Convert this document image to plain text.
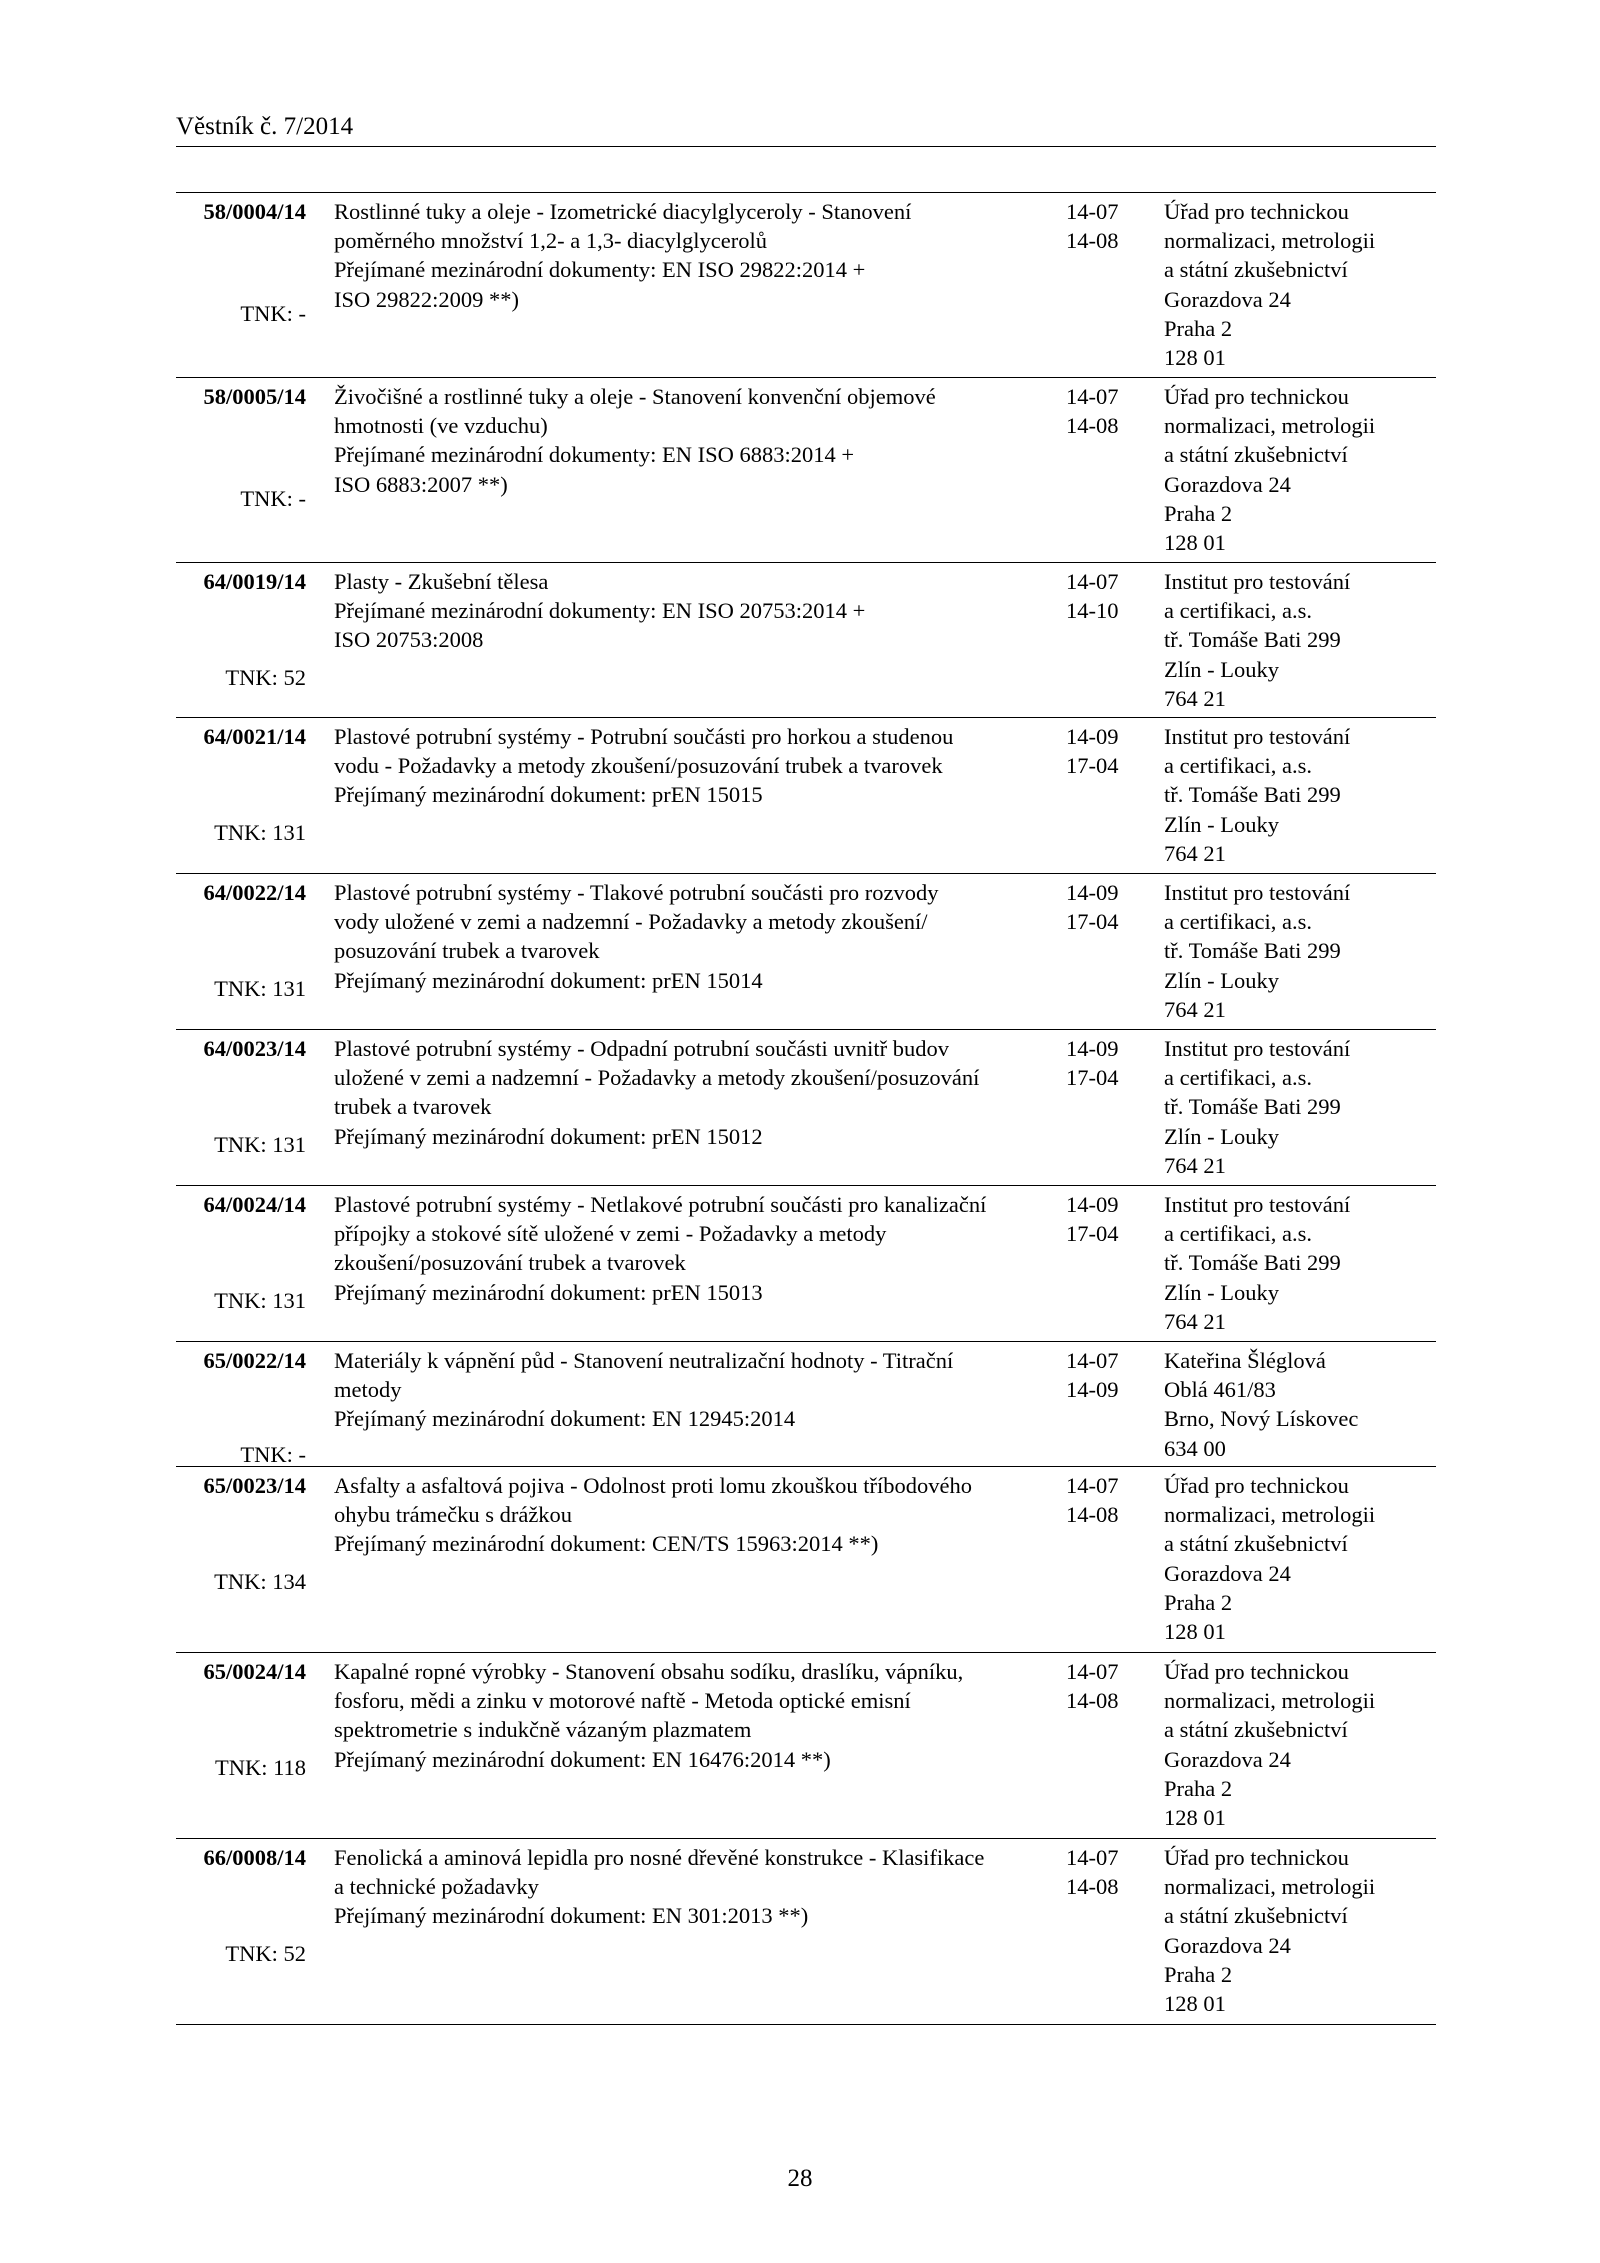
Věstník č. 7/2014
58/0004/14
TNK: -
Rostlinné tuky a oleje - Izometrické diacylglyceroly - Stanovení
poměrného množství 1,2- a 1,3- diacylglycerolů
Přejímané mezinárodní dokumenty: EN ISO 29822:2014 +
ISO 29822:2009 **)
14-07
14-08
Úřad pro technickou
normalizaci, metrologii
a státní zkušebnictví
Gorazdova 24
Praha 2
128 01
58/0005/14
TNK: -
Živočišné a rostlinné tuky a oleje - Stanovení konvenční objemové
hmotnosti (ve vzduchu)
Přejímané mezinárodní dokumenty: EN ISO 6883:2014 +
ISO 6883:2007 **)
14-07
14-08
Úřad pro technickou
normalizaci, metrologii
a státní zkušebnictví
Gorazdova 24
Praha 2
128 01
64/0019/14
TNK: 52
Plasty - Zkušební tělesa
Přejímané mezinárodní dokumenty: EN ISO 20753:2014 +
ISO 20753:2008
14-07
14-10
Institut pro testování
a certifikaci, a.s.
tř. Tomáše Bati 299
Zlín - Louky
764 21
64/0021/14
TNK: 131
Plastové potrubní systémy - Potrubní součásti pro horkou a studenou
vodu - Požadavky a metody zkoušení/posuzování trubek a tvarovek
Přejímaný mezinárodní dokument: prEN 15015
14-09
17-04
Institut pro testování
a certifikaci, a.s.
tř. Tomáše Bati 299
Zlín - Louky
764 21
64/0022/14
TNK: 131
Plastové potrubní systémy - Tlakové potrubní součásti pro rozvody
vody uložené v zemi a nadzemní - Požadavky a metody zkoušení/
posuzování trubek a tvarovek
Přejímaný mezinárodní dokument: prEN 15014
14-09
17-04
Institut pro testování
a certifikaci, a.s.
tř. Tomáše Bati 299
Zlín - Louky
764 21
64/0023/14
TNK: 131
Plastové potrubní systémy - Odpadní potrubní součásti uvnitř budov
uložené v zemi a nadzemní - Požadavky a metody zkoušení/posuzování
trubek a tvarovek
Přejímaný mezinárodní dokument: prEN 15012
14-09
17-04
Institut pro testování
a certifikaci, a.s.
tř. Tomáše Bati 299
Zlín - Louky
764 21
64/0024/14
TNK: 131
Plastové potrubní systémy - Netlakové potrubní součásti pro kanalizační
přípojky a stokové sítě uložené v zemi - Požadavky a metody
zkoušení/posuzování trubek a tvarovek
Přejímaný mezinárodní dokument: prEN 15013
14-09
17-04
Institut pro testování
a certifikaci, a.s.
tř. Tomáše Bati 299
Zlín - Louky
764 21
65/0022/14
TNK: -
Materiály k vápnění půd - Stanovení neutralizační hodnoty - Titrační
metody
Přejímaný mezinárodní dokument: EN 12945:2014
14-07
14-09
Kateřina Šléglová
Oblá 461/83
Brno, Nový Lískovec
634 00
65/0023/14
TNK: 134
Asfalty a asfaltová pojiva - Odolnost proti lomu zkouškou tříbodového
ohybu trámečku s drážkou
Přejímaný mezinárodní dokument: CEN/TS 15963:2014 **)
14-07
14-08
Úřad pro technickou
normalizaci, metrologii
a státní zkušebnictví
Gorazdova 24
Praha 2
128 01
65/0024/14
TNK: 118
Kapalné ropné výrobky - Stanovení obsahu sodíku, draslíku, vápníku,
fosforu, mědi a zinku v motorové naftě - Metoda optické emisní
spektrometrie s indukčně vázaným plazmatem
Přejímaný mezinárodní dokument: EN 16476:2014 **)
14-07
14-08
Úřad pro technickou
normalizaci, metrologii
a státní zkušebnictví
Gorazdova 24
Praha 2
128 01
66/0008/14
TNK: 52
Fenolická a aminová lepidla pro nosné dřevěné konstrukce - Klasifikace
a technické požadavky
Přejímaný mezinárodní dokument: EN 301:2013 **)
14-07
14-08
Úřad pro technickou
normalizaci, metrologii
a státní zkušebnictví
Gorazdova 24
Praha 2
128 01
28
